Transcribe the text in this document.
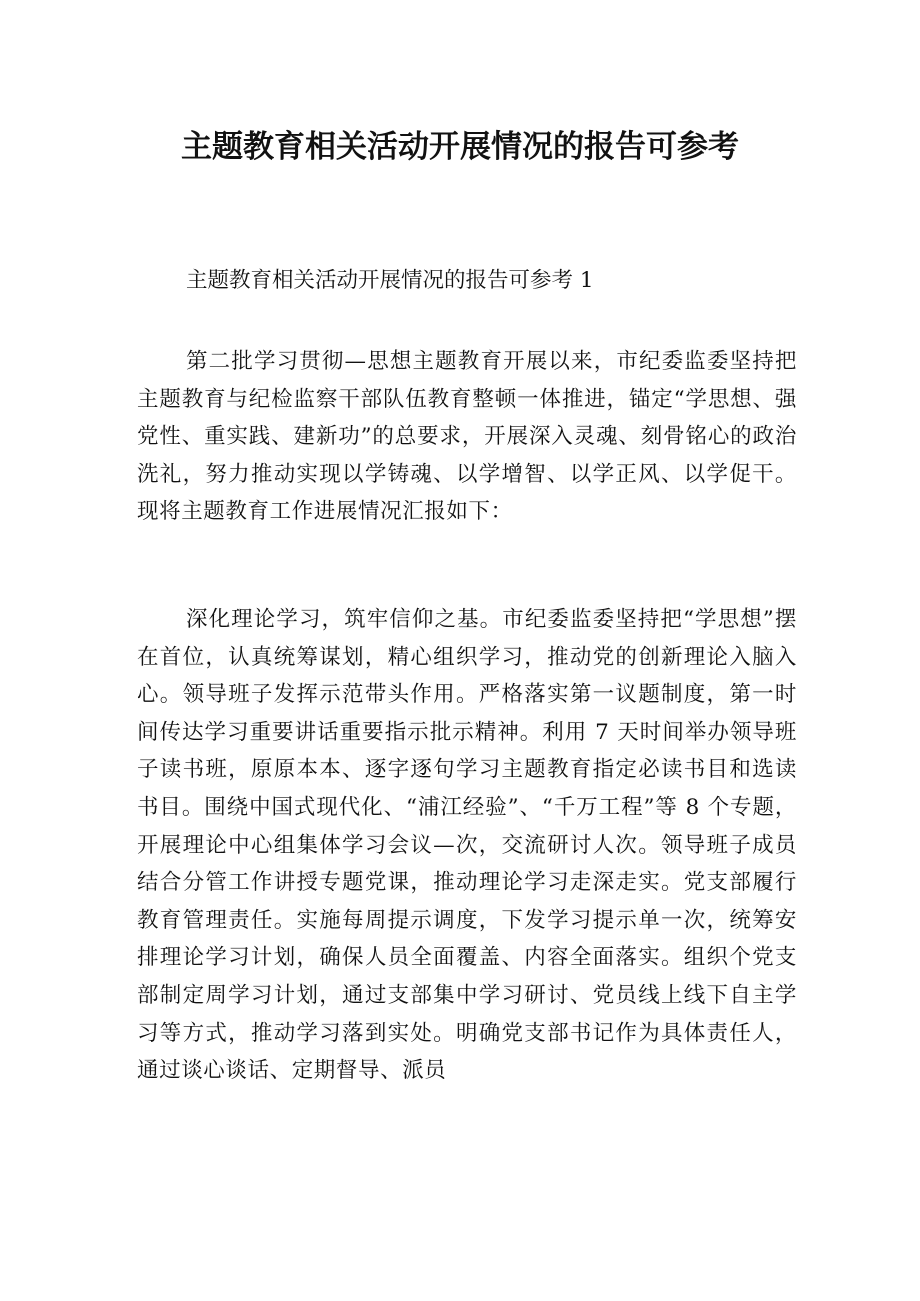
主题教育相关活动开展情况的报告可参考

主题教育相关活动开展情况的报告可参考 1

第二批学习贯彻—思想主题教育开展以来，市纪委监委坚持把主题教育与纪检监察干部队伍教育整顿一体推进，锚定“学思想、强党性、重实践、建新功”的总要求，开展深入灵魂、刻骨铭心的政治洗礼，努力推动实现以学铸魂、以学增智、以学正风、以学促干。现将主题教育工作进展情况汇报如下：

深化理论学习，筑牢信仰之基。市纪委监委坚持把“学思想”摆在首位，认真统筹谋划，精心组织学习，推动党的创新理论入脑入心。领导班子发挥示范带头作用。严格落实第一议题制度，第一时间传达学习重要讲话重要指示批示精神。利用 7 天时间举办领导班子读书班，原原本本、逐字逐句学习主题教育指定必读书目和选读书目。围绕中国式现代化、“浦江经验”、“千万工程”等 8 个专题，开展理论中心组集体学习会议—次，交流研讨人次。领导班子成员结合分管工作讲授专题党课，推动理论学习走深走实。党支部履行教育管理责任。实施每周提示调度，下发学习提示单一次，统筹安排理论学习计划，确保人员全面覆盖、内容全面落实。组织个党支部制定周学习计划，通过支部集中学习研讨、党员线上线下自主学习等方式，推动学习落到实处。明确党支部书记作为具体责任人，通过谈心谈话、定期督导、派员
